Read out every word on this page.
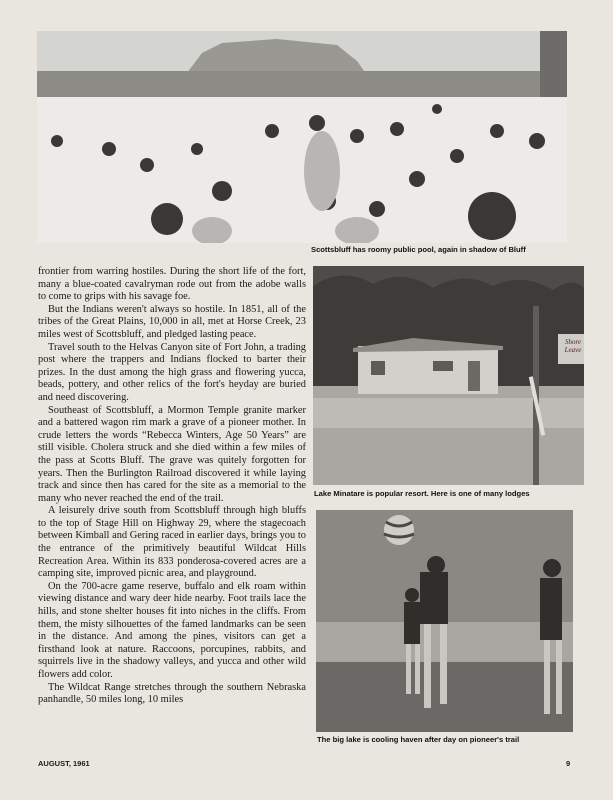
Scottsbluff has roomy public pool, again in shadow of Bluff
Shore
Leave
Lake Minatare is popular resort. Here is one of many lodges
The big lake is cooling haven after day on pioneer's trail

frontier from warring hostiles. During the short life of the fort, many a blue-coated cavalryman rode out from the adobe walls to come to grips with his savage foe.

But the Indians weren't always so hostile. In 1851, all of the tribes of the Great Plains, 10,000 in all, met at Horse Creek, 23 miles west of Scottsbluff, and pledged lasting peace.

Travel south to the Helvas Canyon site of Fort John, a trading post where the trappers and Indians flocked to barter their prizes. In the dust among the high grass and flowering yucca, beads, pottery, and other relics of the fort's heyday are buried and need discovering.

Southeast of Scottsbluff, a Mormon Temple granite marker and a battered wagon rim mark a grave of a pioneer mother. In crude letters the words “Rebecca Winters, Age 50 Years” are still visible. Cholera struck and she died within a few miles of the pass at Scotts Bluff. The grave was quitely forgotten for years. Then the Burlington Railroad discovered it while laying track and since then has cared for the site as a memorial to the many who never reached the end of the trail.

A leisurely drive south from Scottsbluff through high bluffs to the top of Stage Hill on Highway 29, where the stagecoach between Kimball and Gering raced in earlier days, brings you to the entrance of the primitively beautiful Wildcat Hills Recreation Area. Within its 833 ponderosa-covered acres are a camping site, improved picnic area, and playground.

On the 700-acre game reserve, buffalo and elk roam within viewing distance and wary deer hide nearby. Foot trails lace the hills, and stone shelter houses fit into niches in the cliffs. From them, the misty silhouettes of the famed landmarks can be seen in the distance. And among the pines, visitors can get a firsthand look at nature. Raccoons, porcupines, rabbits, and squirrels live in the shadowy valleys, and yucca and other wild flowers add color.

The Wildcat Range stretches through the southern Nebraska panhandle, 50 miles long, 10 miles

AUGUST, 1961	9
